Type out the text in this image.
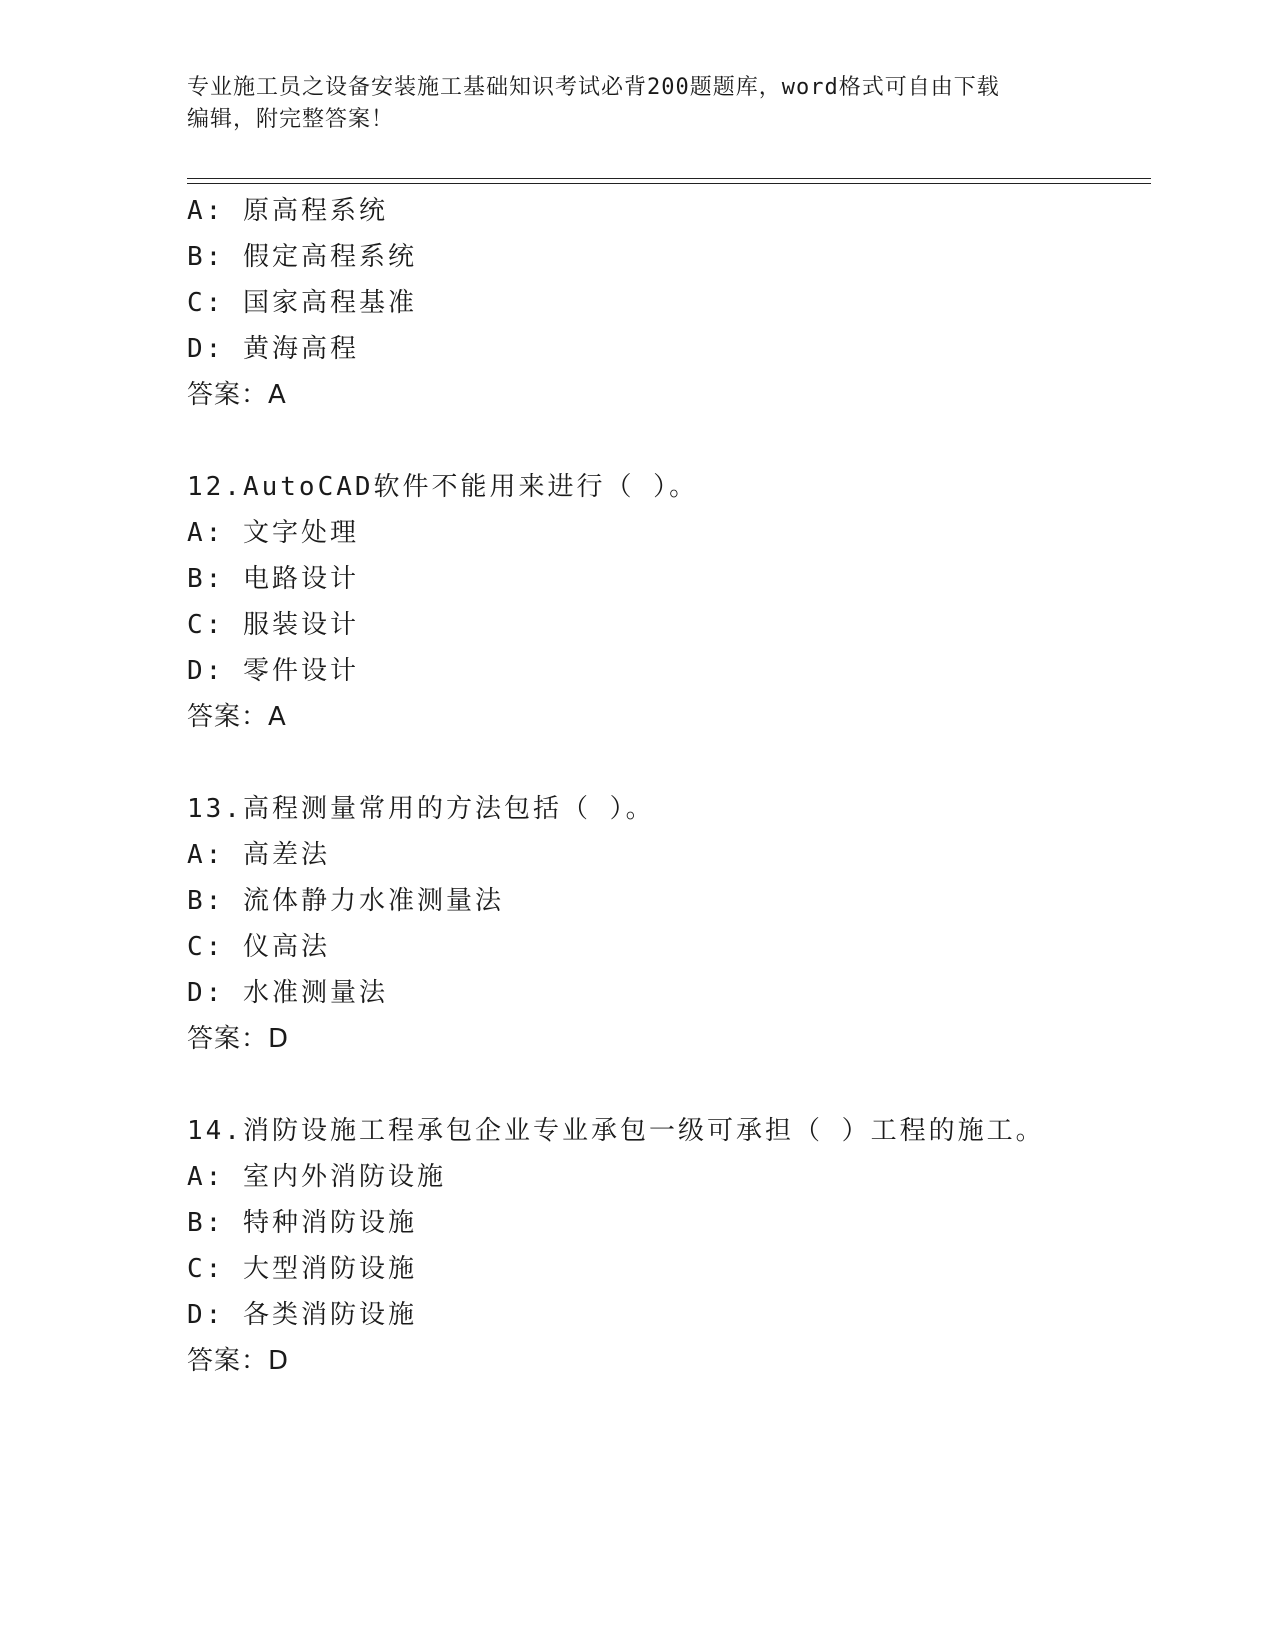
专业施工员之设备安装施工基础知识考试必背200题题库，word格式可自由下载
编辑，附完整答案！
A: 原高程系统
B: 假定高程系统
C: 国家高程基准
D: 黄海高程
答案：A
12.AutoCAD软件不能用来进行（ ）。
A: 文字处理
B: 电路设计
C: 服装设计
D: 零件设计
答案：A
13.高程测量常用的方法包括（ ）。
A: 高差法
B: 流体静力水准测量法
C: 仪高法
D: 水准测量法
答案：D
14.消防设施工程承包企业专业承包一级可承担（ ）工程的施工。
A: 室内外消防设施
B: 特种消防设施
C: 大型消防设施
D: 各类消防设施
答案：D
